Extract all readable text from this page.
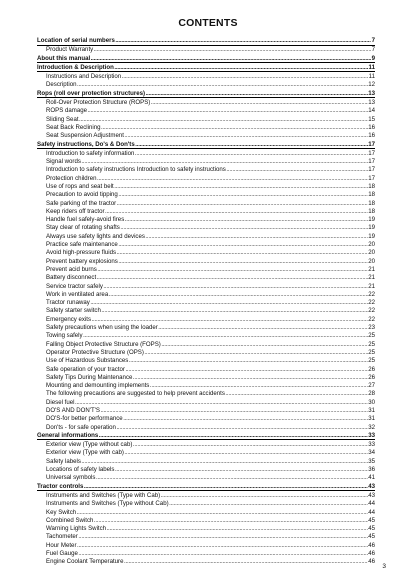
CONTENTS
Location of serial numbers .....	7
Product Warranty .....	7
About this manual .....	9
Introduction & Description .....	11
Instructions and Description .....	11
Description .....	12
Rops (roll over protection structures) .....	13
Roll-Over Protection Structure (ROPS) .....	13
ROPS damage .....	14
Sliding Seat .....	15
Seat Back Reclining .....	16
Seat Suspension Adjustment .....	16
Safety instructions, Do's & Don'ts .....	17
Introduction to safety information .....	17
Signal words .....	17
Introduction to safety instructions Introduction to safety instructions .....	17
Protection children .....	17
Use of rops and seat belt .....	18
Precaution to avoid tipping .....	18
Safe parking of the tractor .....	18
Keep riders off tractor .....	18
Handle fuel safely-avoid fires .....	19
Stay clear of rotating shafts .....	19
Always use safety lights and devices .....	19
Practice safe maintenance .....	20
Avoid high-pressure fluids .....	20
Prevent battery explosions .....	20
Prevent acid burns .....	21
Battery disconnect .....	21
Service tractor safely .....	21
Work in ventilated area .....	22
Tractor runaway .....	22
Safety starter switch .....	22
Emergency exits .....	22
Safety precautions when using the loader .....	23
Towing safely .....	25
Falling Object Protective Structure (FOPS) .....	25
Operator Protective Structure (OPS) .....	25
Use of Hazardous Substances .....	25
Safe operation of your tractor .....	26
Safety Tips During Maintenance .....	26
Mounting and demounting implements .....	27
The following precautions are suggested to help prevent accidents .....	28
Diesel fuel .....	30
DO'S AND DON'T'S .....	31
DO'S-for better performance .....	31
Don'ts - for safe operation .....	32
General informations .....	33
Exterior view (Type without cab) .....	33
Exterior view (Type with cab) .....	34
Safety labels .....	35
Locations of safety labels .....	36
Universal symbols .....	41
Tractor controls .....	43
Instruments and Switches (Type with Cab) .....	43
Instruments and Switches (Type without Cab) .....	44
Key Switch .....	44
Combined Switch .....	45
Warning Lights Switch .....	45
Tachometer .....	45
Hour Meter .....	46
Fuel Gauge .....	46
Engine Coolant Temperature .....	46
3
